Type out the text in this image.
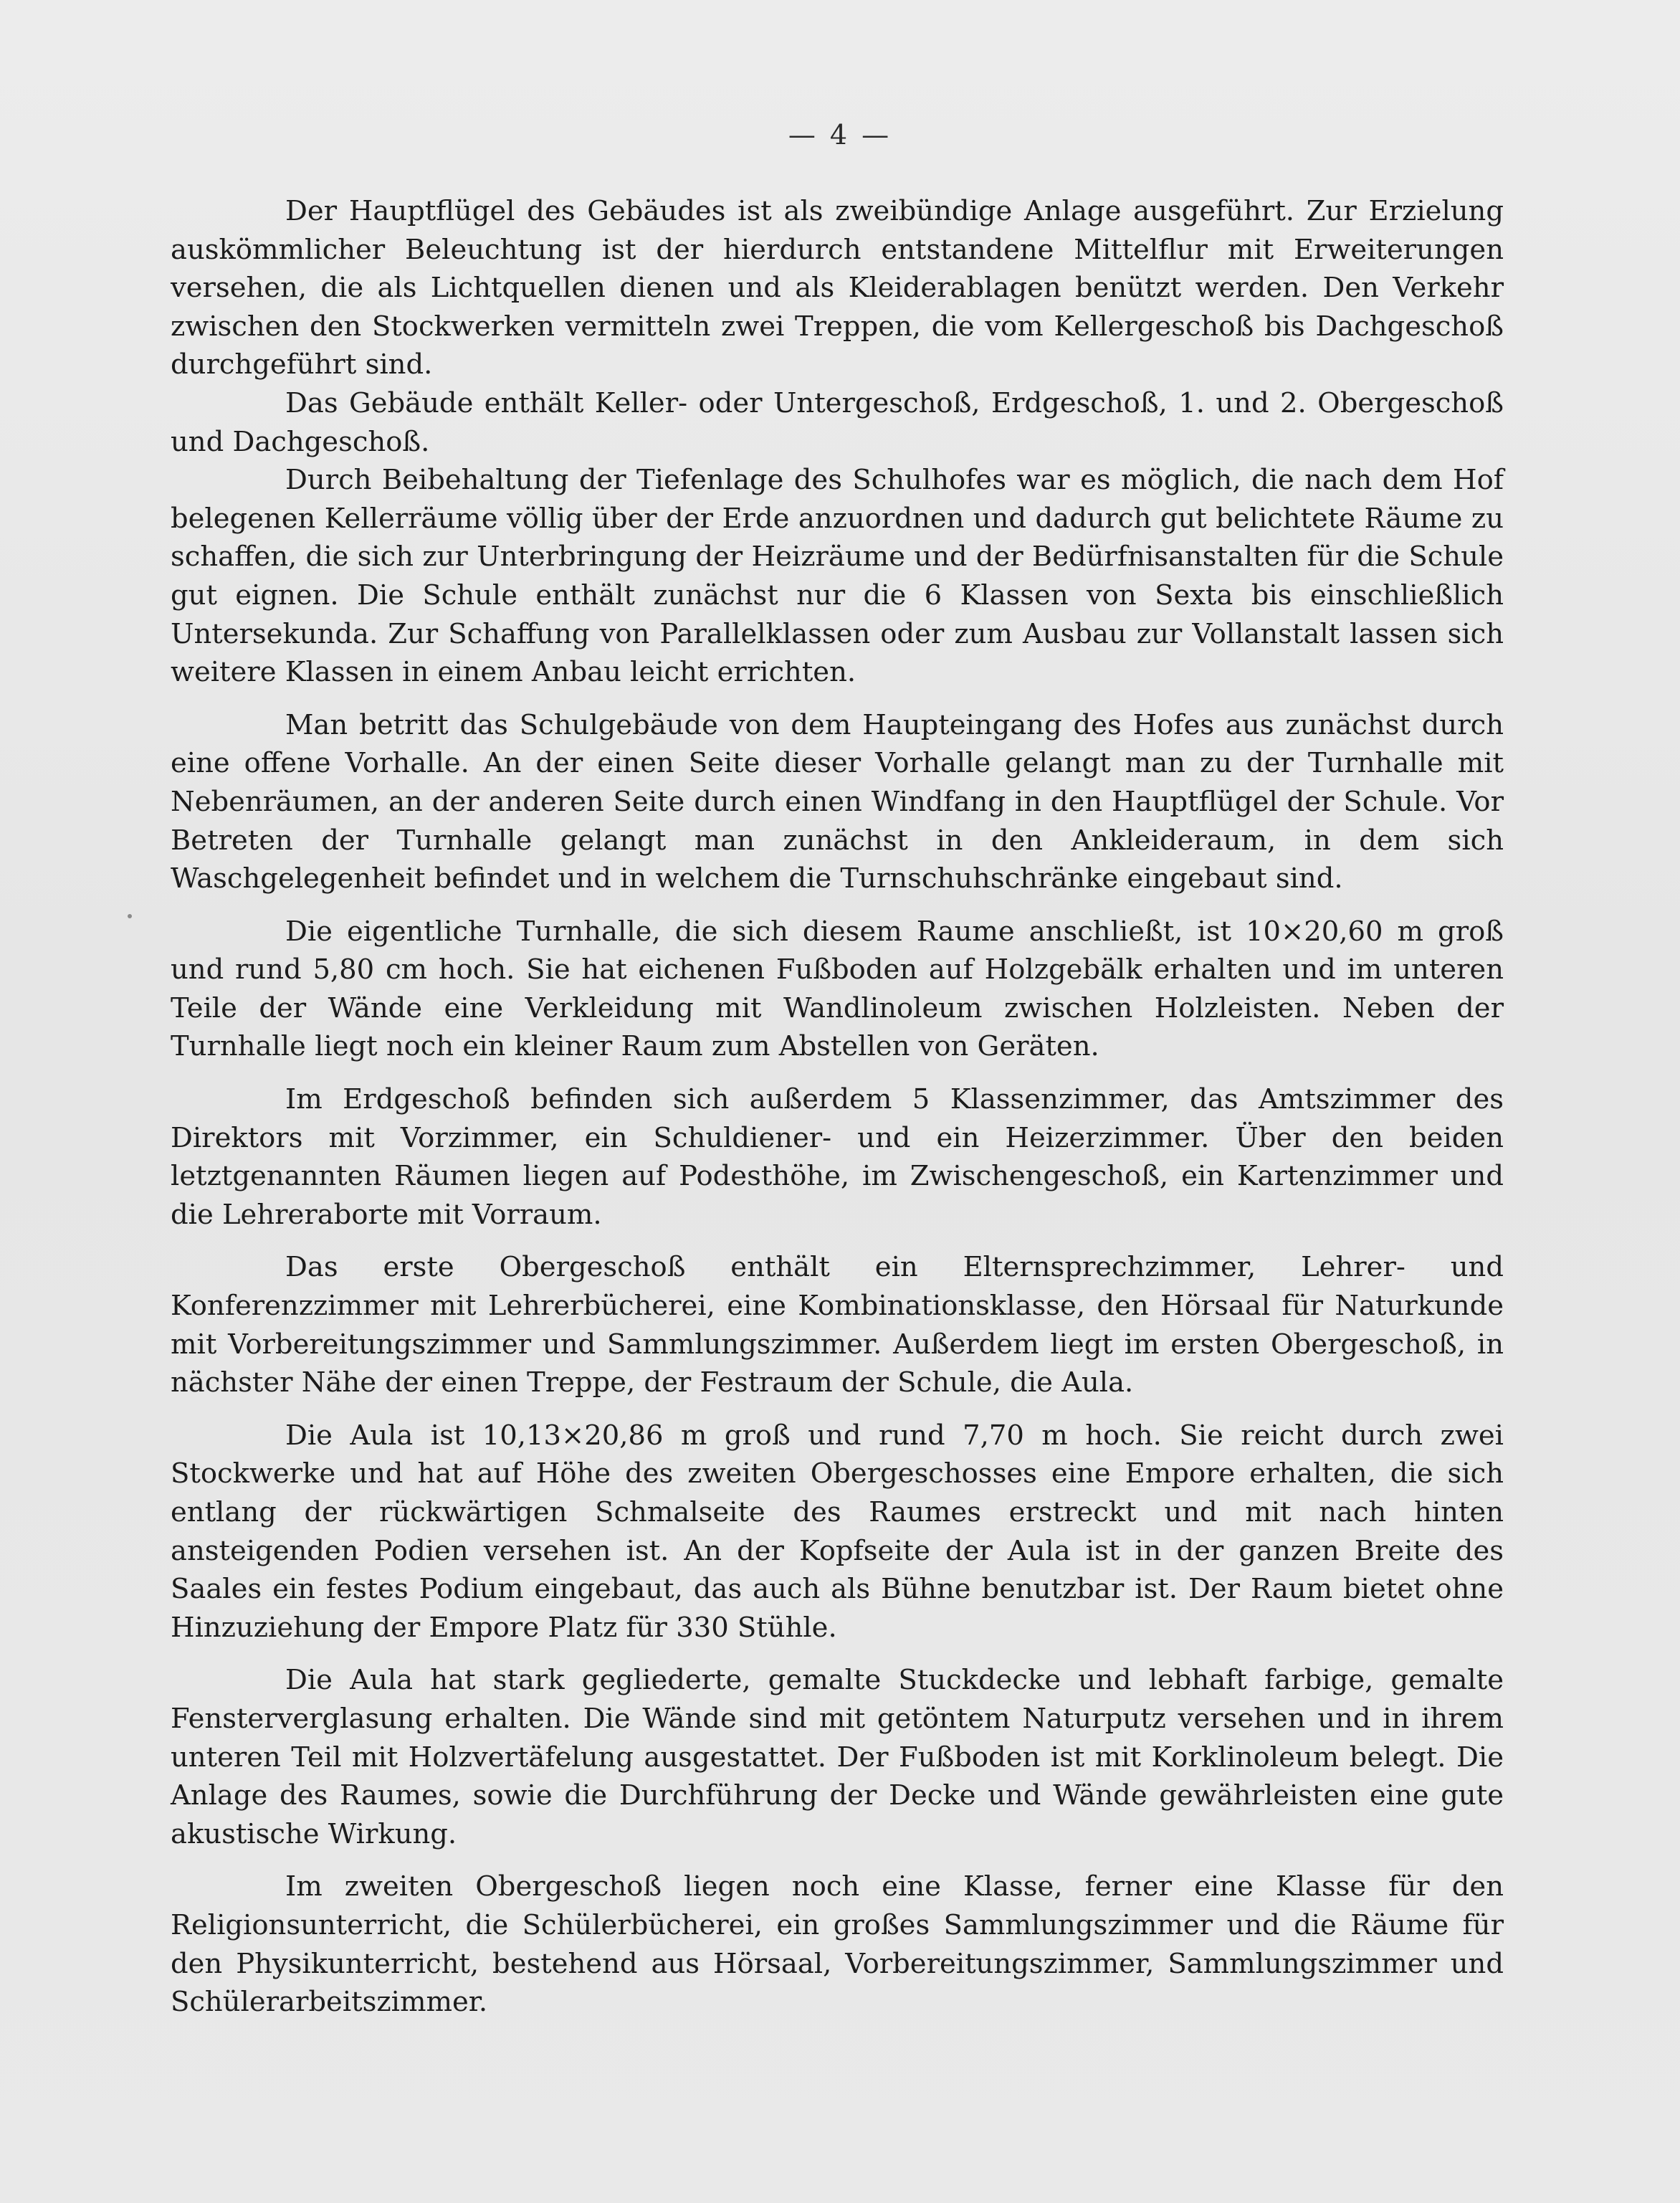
— 4 —

Der Hauptflügel des Gebäudes ist als zweibündige Anlage ausgeführt. Zur Erzielung auskömmlicher Beleuchtung ist der hierdurch entstandene Mittelflur mit Erweiterungen versehen, die als Lichtquellen dienen und als Kleiderablagen benützt werden. Den Verkehr zwischen den Stockwerken vermitteln zwei Treppen, die vom Kellergeschoß bis Dachgeschoß durchgeführt sind.

Das Gebäude enthält Keller- oder Untergeschoß, Erdgeschoß, 1. und 2. Obergeschoß und Dachgeschoß.

Durch Beibehaltung der Tiefenlage des Schulhofes war es möglich, die nach dem Hof belegenen Kellerräume völlig über der Erde anzuordnen und dadurch gut belichtete Räume zu schaffen, die sich zur Unterbringung der Heizräume und der Bedürfnisanstalten für die Schule gut eignen. Die Schule enthält zunächst nur die 6 Klassen von Sexta bis einschließlich Untersekunda. Zur Schaffung von Parallelklassen oder zum Ausbau zur Vollanstalt lassen sich weitere Klassen in einem Anbau leicht errichten.

Man betritt das Schulgebäude von dem Haupteingang des Hofes aus zunächst durch eine offene Vorhalle. An der einen Seite dieser Vorhalle gelangt man zu der Turnhalle mit Nebenräumen, an der anderen Seite durch einen Windfang in den Hauptflügel der Schule. Vor Betreten der Turnhalle gelangt man zunächst in den Ankleideraum, in dem sich Waschgelegenheit befindet und in welchem die Turnschuhschränke eingebaut sind.

Die eigentliche Turnhalle, die sich diesem Raume anschließt, ist 10×20,60 m groß und rund 5,80 cm hoch. Sie hat eichenen Fußboden auf Holzgebälk erhalten und im unteren Teile der Wände eine Verkleidung mit Wandlinoleum zwischen Holzleisten. Neben der Turnhalle liegt noch ein kleiner Raum zum Abstellen von Geräten.

Im Erdgeschoß befinden sich außerdem 5 Klassenzimmer, das Amtszimmer des Direktors mit Vorzimmer, ein Schuldiener- und ein Heizerzimmer. Über den beiden letztgenannten Räumen liegen auf Podesthöhe, im Zwischengeschoß, ein Kartenzimmer und die Lehreraborte mit Vorraum.

Das erste Obergeschoß enthält ein Elternsprechzimmer, Lehrer- und Konferenzzimmer mit Lehrerbücherei, eine Kombinationsklasse, den Hörsaal für Naturkunde mit Vorbereitungszimmer und Sammlungszimmer. Außerdem liegt im ersten Obergeschoß, in nächster Nähe der einen Treppe, der Festraum der Schule, die Aula.

Die Aula ist 10,13×20,86 m groß und rund 7,70 m hoch. Sie reicht durch zwei Stockwerke und hat auf Höhe des zweiten Obergeschosses eine Empore erhalten, die sich entlang der rückwärtigen Schmalseite des Raumes erstreckt und mit nach hinten ansteigenden Podien versehen ist. An der Kopfseite der Aula ist in der ganzen Breite des Saales ein festes Podium eingebaut, das auch als Bühne benutzbar ist. Der Raum bietet ohne Hinzuziehung der Empore Platz für 330 Stühle.

Die Aula hat stark gegliederte, gemalte Stuckdecke und lebhaft farbige, gemalte Fensterverglasung erhalten. Die Wände sind mit getöntem Naturputz versehen und in ihrem unteren Teil mit Holzvertäfelung ausgestattet. Der Fußboden ist mit Korklinoleum belegt. Die Anlage des Raumes, sowie die Durchführung der Decke und Wände gewährleisten eine gute akustische Wirkung.

Im zweiten Obergeschoß liegen noch eine Klasse, ferner eine Klasse für den Religionsunterricht, die Schülerbücherei, ein großes Sammlungszimmer und die Räume für den Physikunterricht, bestehend aus Hörsaal, Vorbereitungszimmer, Sammlungszimmer und Schülerarbeitszimmer.
